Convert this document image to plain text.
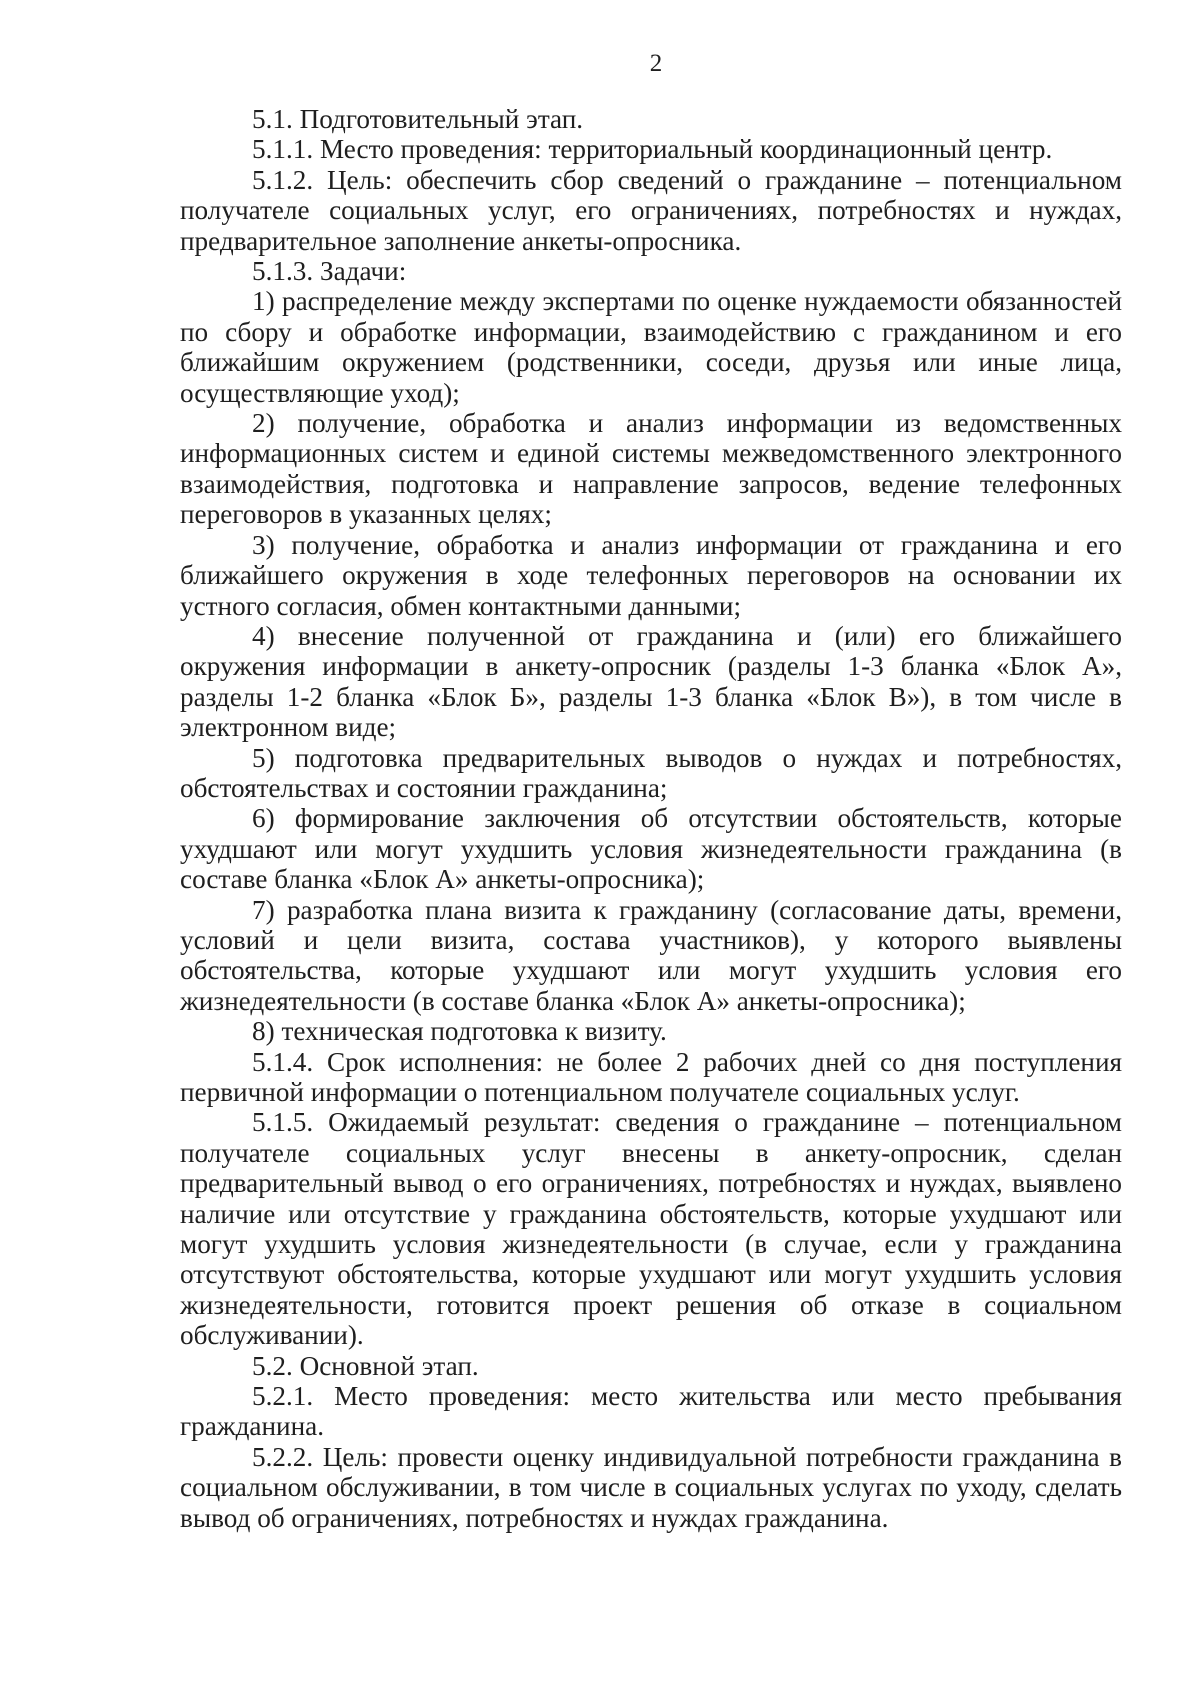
2

5.1. Подготовительный этап.

5.1.1. Место проведения: территориальный координационный центр.

5.1.2. Цель: обеспечить сбор сведений о гражданине – потенциальном получателе социальных услуг, его ограничениях, потребностях и нуждах, предварительное заполнение анкеты-опросника.

5.1.3. Задачи:

1) распределение между экспертами по оценке нуждаемости обязанностей по сбору и обработке информации, взаимодействию с гражданином и его ближайшим окружением (родственники, соседи, друзья или иные лица, осуществляющие уход);

2) получение, обработка и анализ информации из ведомственных информационных систем и единой системы межведомственного электронного взаимодействия, подготовка и направление запросов, ведение телефонных переговоров в указанных целях;

3) получение, обработка и анализ информации от гражданина и его ближайшего окружения в ходе телефонных переговоров на основании их устного согласия, обмен контактными данными;

4) внесение полученной от гражданина и (или) его ближайшего окружения информации в анкету-опросник (разделы 1-3 бланка «Блок А», разделы 1-2 бланка «Блок Б», разделы 1-3 бланка «Блок В»), в том числе в электронном виде;

5) подготовка предварительных выводов о нуждах и потребностях, обстоятельствах и состоянии гражданина;

6) формирование заключения об отсутствии обстоятельств, которые ухудшают или могут ухудшить условия жизнедеятельности гражданина (в составе бланка «Блок А» анкеты-опросника);

7) разработка плана визита к гражданину (согласование даты, времени, условий и цели визита, состава участников), у которого выявлены обстоятельства, которые ухудшают или могут ухудшить условия его жизнедеятельности (в составе бланка «Блок А» анкеты-опросника);

8) техническая подготовка к визиту.

5.1.4. Срок исполнения: не более 2 рабочих дней со дня поступления первичной информации о потенциальном получателе социальных услуг.

5.1.5. Ожидаемый результат: сведения о гражданине – потенциальном получателе социальных услуг внесены в анкету-опросник, сделан предварительный вывод о его ограничениях, потребностях и нуждах, выявлено наличие или отсутствие у гражданина обстоятельств, которые ухудшают или могут ухудшить условия жизнедеятельности (в случае, если у гражданина отсутствуют обстоятельства, которые ухудшают или могут ухудшить условия жизнедеятельности, готовится проект решения об отказе в социальном обслуживании).

5.2. Основной этап.

5.2.1. Место проведения: место жительства или место пребывания гражданина.

5.2.2. Цель: провести оценку индивидуальной потребности гражданина в социальном обслуживании, в том числе в социальных услугах по уходу, сделать вывод об ограничениях, потребностях и нуждах гражданина.
